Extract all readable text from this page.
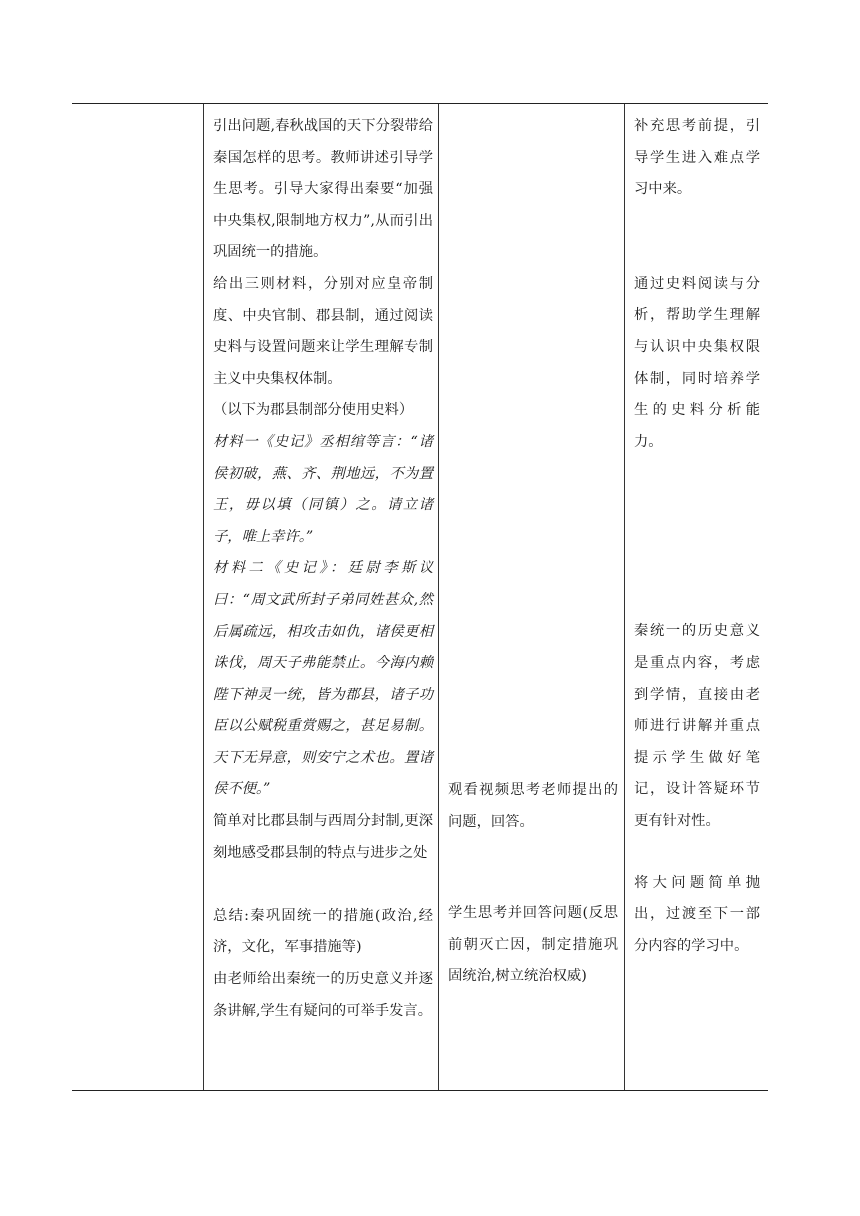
引出问题,春秋战国的天下分裂带给秦国怎样的思考。教师讲述引导学生思考。引导大家得出秦要“加强中央集权,限制地方权力”,从而引出巩固统一的措施。

给出三则材料，分别对应皇帝制度、中央官制、郡县制，通过阅读史料与设置问题来让学生理解专制主义中央集权体制。

（以下为郡县制部分使用史料）

材料一《史记》丞相绾等言：“诸侯初破，燕、齐、荆地远，不为置王，毋以填（同镇）之。请立诸子，唯上幸许。”

材料二《史记》：廷尉李斯议曰：“周文武所封子弟同姓甚众,然后属疏远，相攻击如仇，诸侯更相诛伐，周天子弗能禁止。今海内赖陛下神灵一统，皆为郡县，诸子功臣以公赋税重赏赐之，甚足易制。天下无异意，则安宁之术也。置诸侯不便。”

简单对比郡县制与西周分封制,更深刻地感受郡县制的特点与进步之处

总结:秦巩固统一的措施(政治,经济，文化，军事措施等)

由老师给出秦统一的历史意义并逐条讲解,学生有疑问的可举手发言。

观看视频思考老师提出的问题，回答。

学生思考并回答问题(反思前朝灭亡因，制定措施巩固统治,树立统治权威)

补充思考前提，引导学生进入难点学习中来。

通过史料阅读与分析，帮助学生理解与认识中央集权限体制，同时培养学生的史料分析能力。

秦统一的历史意义是重点内容，考虑到学情，直接由老师进行讲解并重点提示学生做好笔记，设计答疑环节更有针对性。

将大问题简单抛出，过渡至下一部分内容的学习中。
